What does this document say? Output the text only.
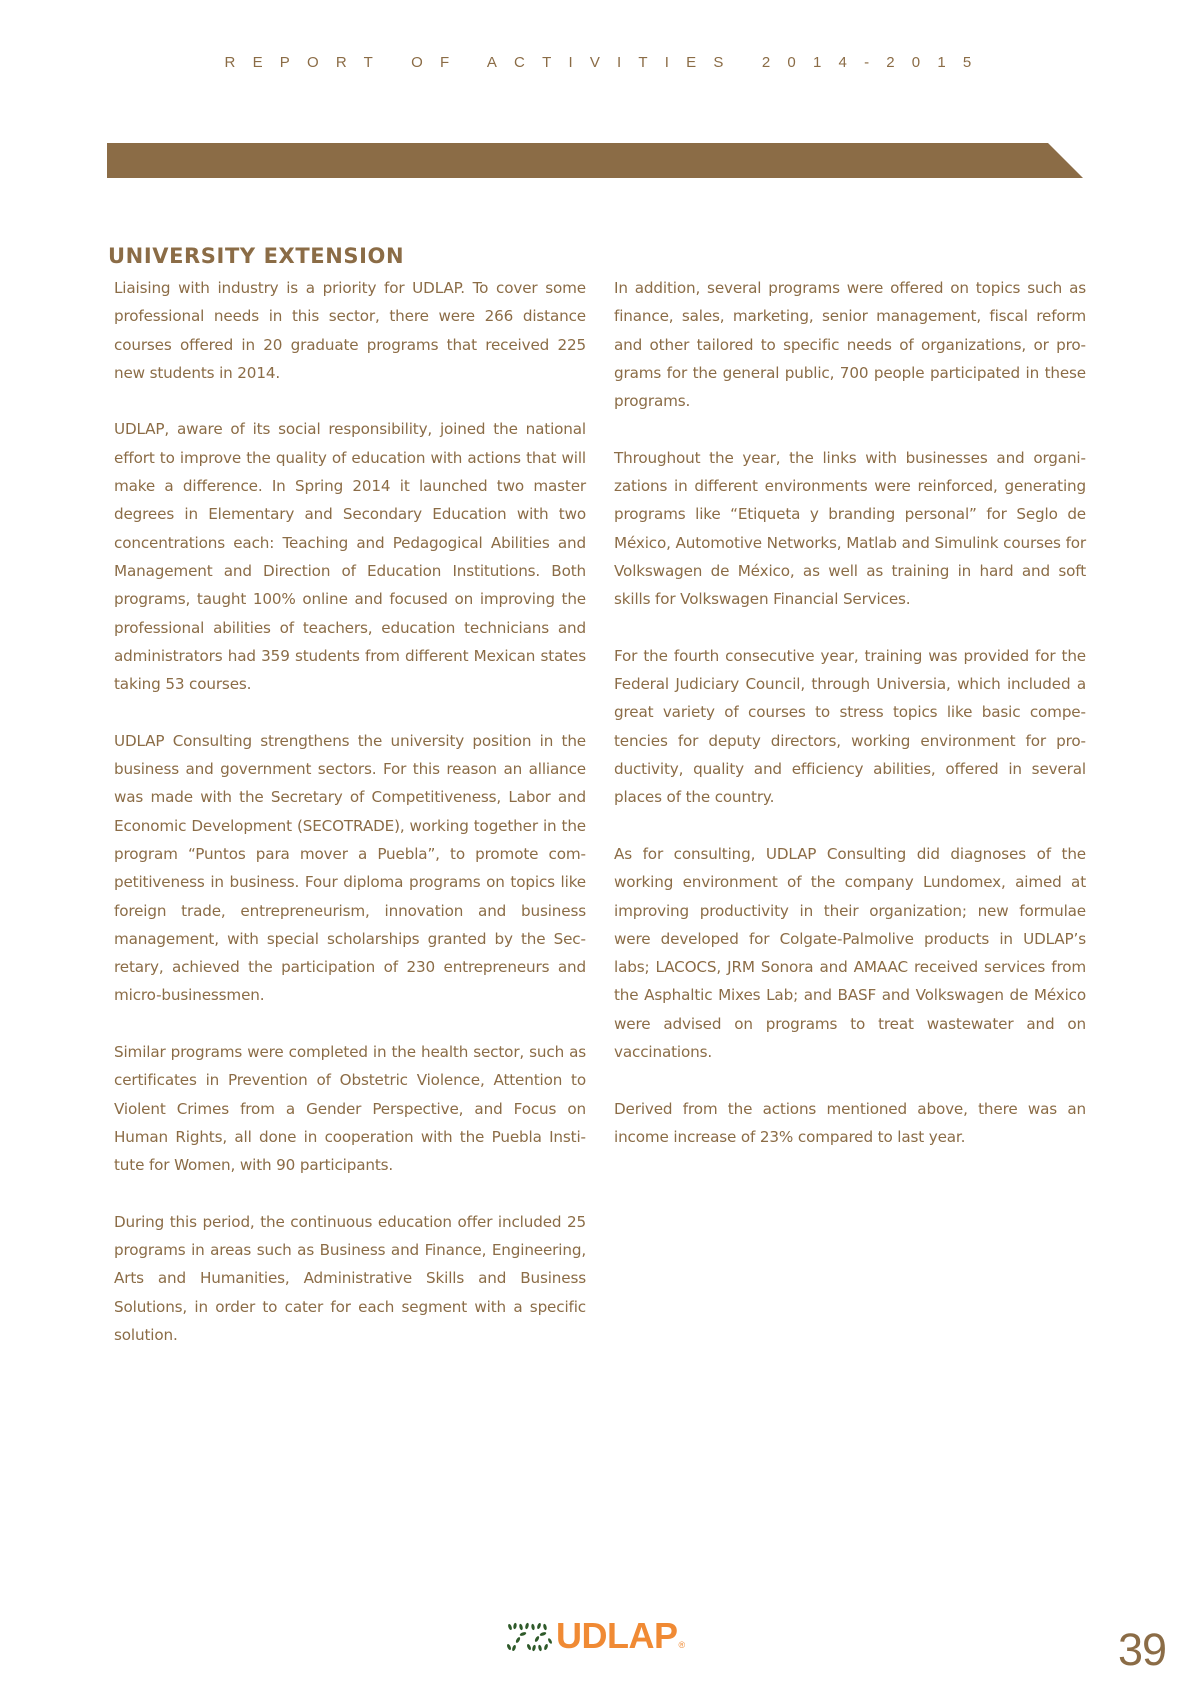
REPORT OF ACTIVITIES 2014-2015
UNIVERSITY EXTENSION

Liaising with industry is a priority for UDLAP. To cover some professional needs in this sector, there were 266 distance courses offered in 20 graduate programs that received 225 new students in 2014.

UDLAP, aware of its social responsibility, joined the national effort to improve the quality of education with actions that will make a difference. In Spring 2014 it launched two master degrees in Elementary and Secondary Education with two concentrations each: Teaching and Pedagogical Abilities and Management and Direction of Education Institutions. Both programs, taught 100% online and focused on improving the professional abilities of teachers, education technicians and administrators had 359 students from different Mexican states taking 53 courses.

UDLAP Consulting strengthens the university position in the business and government sectors. For this reason an alliance was made with the Secretary of Competitiveness, Labor and Economic Development (SECOTRADE), working together in the program “Puntos para mover a Puebla”, to promote competitiveness in business. Four diploma programs on topics like foreign trade, entrepreneurism, innovation and business management, with special scholarships granted by the Secretary, achieved the participation of 230 entrepreneurs and micro-businessmen.

Similar programs were completed in the health sector, such as certificates in Prevention of Obstetric Violence, Attention to Violent Crimes from a Gender Perspective, and Focus on Human Rights, all done in cooperation with the Puebla Institute for Women, with 90 participants.

During this period, the continuous education offer included 25 programs in areas such as Business and Finance, Engineering, Arts and Humanities, Administrative Skills and Business Solutions, in order to cater for each segment with a specific solution.

In addition, several programs were offered on topics such as finance, sales, marketing, senior management, fiscal reform and other tailored to specific needs of organizations, or programs for the general public, 700 people participated in these programs.

Throughout the year, the links with businesses and organizations in different environments were reinforced, generating programs like “Etiqueta y branding personal” for Seglo de México, Automotive Networks, Matlab and Simulink courses for Volkswagen de México, as well as training in hard and soft skills for Volkswagen Financial Services.

For the fourth consecutive year, training was provided for the Federal Judiciary Council, through Universia, which included a great variety of courses to stress topics like basic competencies for deputy directors, working environment for productivity, quality and efficiency abilities, offered in several places of the country.

As for consulting, UDLAP Consulting did diagnoses of the working environment of the company Lundomex, aimed at improving productivity in their organization; new formulae were developed for Colgate-Palmolive products in UDLAP’s labs; LACOCS, JRM Sonora and AMAAC received services from the Asphaltic Mixes Lab; and BASF and Volkswagen de México were advised on programs to treat wastewater and on vaccinations.

Derived from the actions mentioned above, there was an income increase of 23% compared to last year.

UDLAP ®	39
